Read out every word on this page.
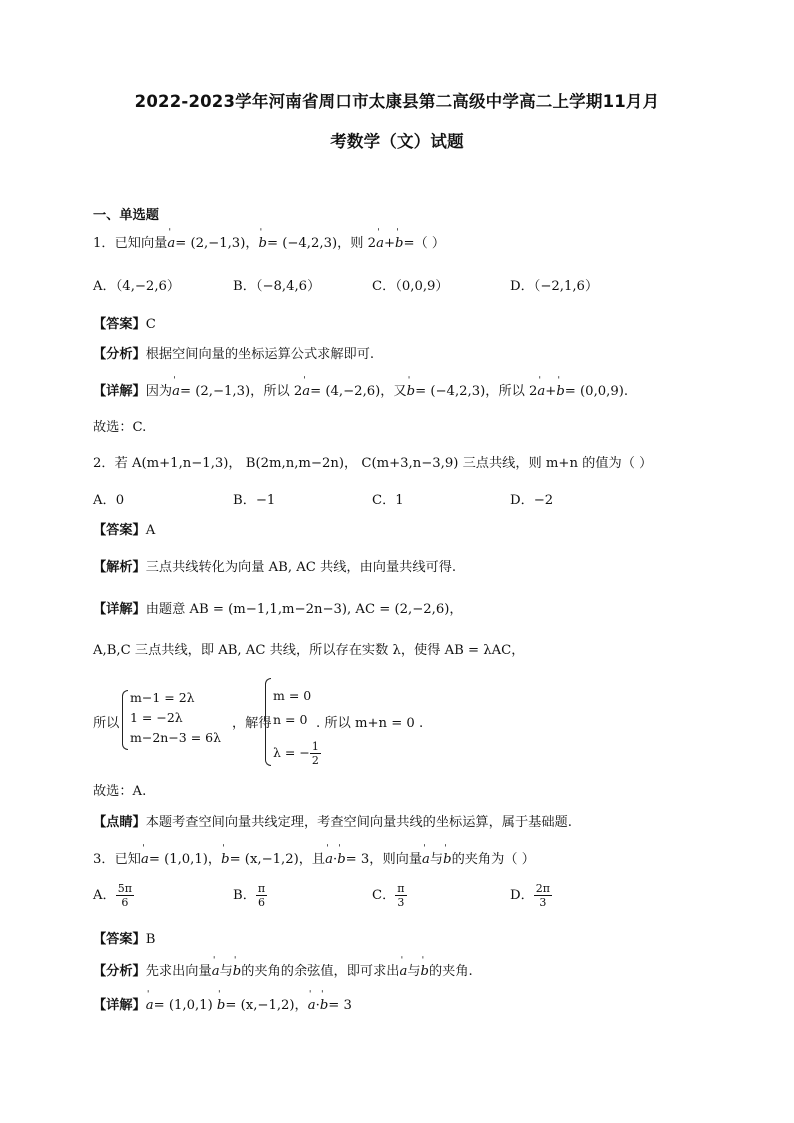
2022-2023学年河南省周口市太康县第二高级中学高二上学期11月月
考数学（文）试题
一、单选题
1．已知向量ˈ a= (2,−1,3)，ˈ b= (−4,2,3)，则 2ˈ a+ˈ b=（ ）
A．（4,−2,6）	B．（−8,4,6）	C．（0,0,9）	D．（−2,1,6）
【答案】C
【分析】根据空间向量的坐标运算公式求解即可.
【详解】因为ˈ a= (2,−1,3)，所以 2ˈ a= (4,−2,6)，又ˈ b= (−4,2,3)，所以 2ˈ a+ˈ b= (0,0,9).
故选：C.
2．若 A(m+1,n−1,3)， B(2m,n,m−2n)， C(m+3,n−3,9) 三点共线，则 m+n 的值为（ ）
A．0	B．−1	C．1	D．−2
【答案】A
【解析】三点共线转化为向量 AB, AC 共线，由向量共线可得.
【详解】由题意 AB = (m−1,1,m−2n−3), AC = (2,−2,6)，
A,B,C 三点共线，即 AB, AC 共线，所以存在实数 λ，使得 AB = λAC，
所以
m−1 = 2λ
1 = −2λ
m−2n−3 = 6λ
，解得
m = 0
n = 0
λ = − $\frac{1}{2}$
. 所以 m+n = 0 .
故选：A.
【点睛】本题考查空间向量共线定理，考查空间向量共线的坐标运算，属于基础题.
3．已知ˈ a= (1,0,1)，ˈ b= (x,−1,2)，且ˈ a·ˈ b= 3，则向量ˈ a与ˈ b的夹角为（ ）
A． $\frac{5\pi}{6}$	B． $\frac{\pi}{6}$	C． $\frac{\pi}{3}$	D． $\frac{2\pi}{3}$
【答案】B
【分析】先求出向量ˈ a与ˈ b的夹角的余弦值，即可求出ˈ a与ˈ b的夹角.
【详解】ˈ a= (1,0,1) ˈ b= (x,−1,2)，ˈ a·ˈ b= 3
